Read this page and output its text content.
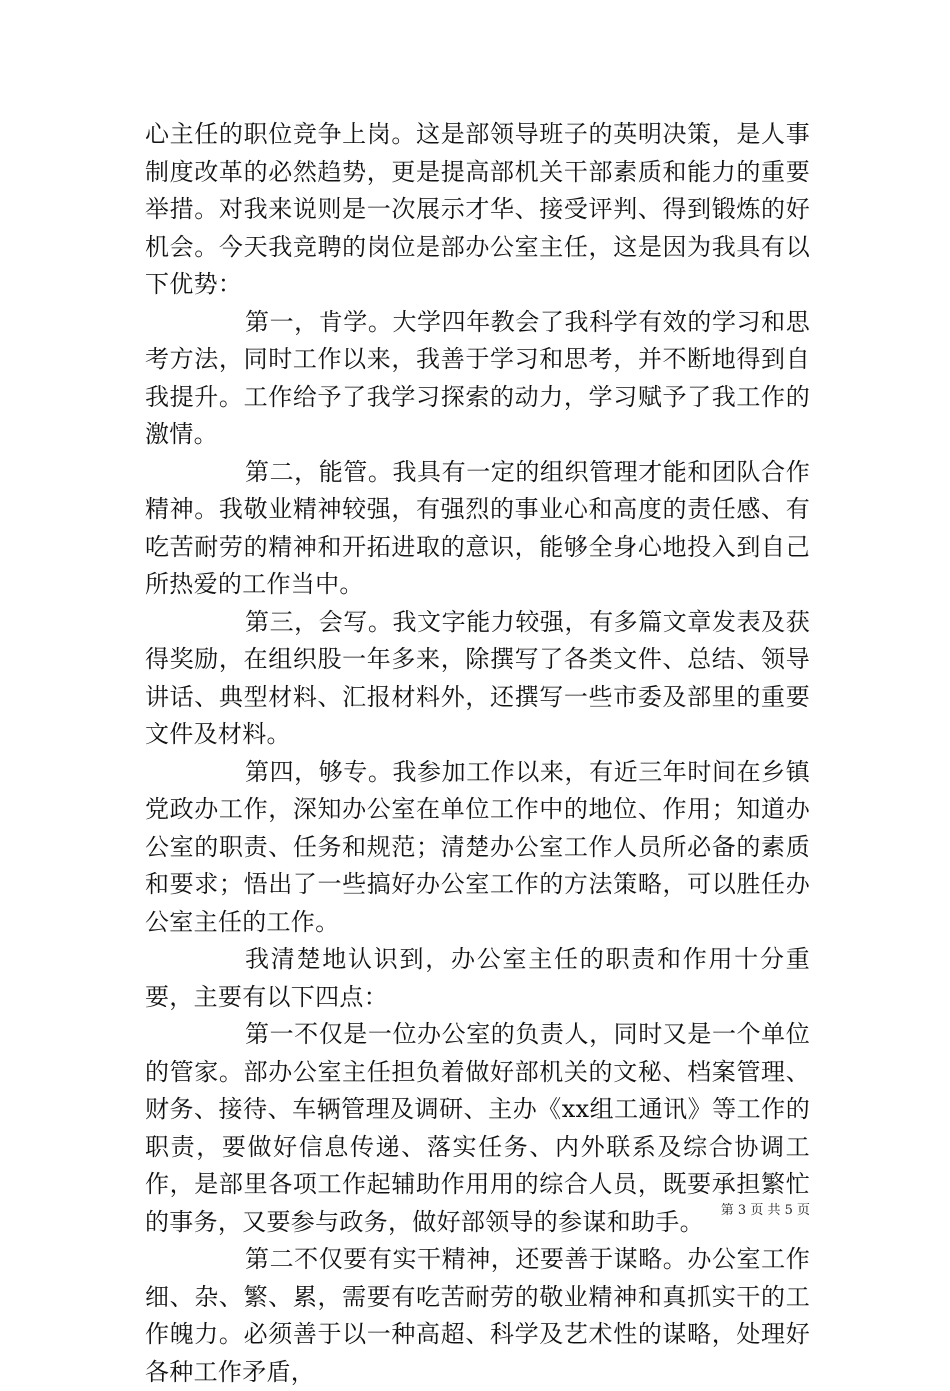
心主任的职位竞争上岗。这是部领导班子的英明决策，是人事制度改革的必然趋势，更是提高部机关干部素质和能力的重要举措。对我来说则是一次展示才华、接受评判、得到锻炼的好机会。今天我竞聘的岗位是部办公室主任，这是因为我具有以下优势：

第一，肯学。大学四年教会了我科学有效的学习和思考方法，同时工作以来，我善于学习和思考，并不断地得到自我提升。工作给予了我学习探索的动力，学习赋予了我工作的激情。

第二，能管。我具有一定的组织管理才能和团队合作精神。我敬业精神较强，有强烈的事业心和高度的责任感、有吃苦耐劳的精神和开拓进取的意识，能够全身心地投入到自己所热爱的工作当中。

第三，会写。我文字能力较强，有多篇文章发表及获得奖励，在组织股一年多来，除撰写了各类文件、总结、领导讲话、典型材料、汇报材料外，还撰写一些市委及部里的重要文件及材料。

第四，够专。我参加工作以来，有近三年时间在乡镇党政办工作，深知办公室在单位工作中的地位、作用；知道办公室的职责、任务和规范；清楚办公室工作人员所必备的素质和要求；悟出了一些搞好办公室工作的方法策略，可以胜任办公室主任的工作。

我清楚地认识到，办公室主任的职责和作用十分重要，主要有以下四点：

第一不仅是一位办公室的负责人，同时又是一个单位的管家。部办公室主任担负着做好部机关的文秘、档案管理、财务、接待、车辆管理及调研、主办《xx组工通讯》等工作的职责，要做好信息传递、落实任务、内外联系及综合协调工作，是部里各项工作起辅助作用用的综合人员，既要承担繁忙的事务，又要参与政务，做好部领导的参谋和助手。

第二不仅要有实干精神，还要善于谋略。办公室工作细、杂、繁、累，需要有吃苦耐劳的敬业精神和真抓实干的工作魄力。必须善于以一种高超、科学及艺术性的谋略，处理好各种工作矛盾，

第 3 页 共 5 页
